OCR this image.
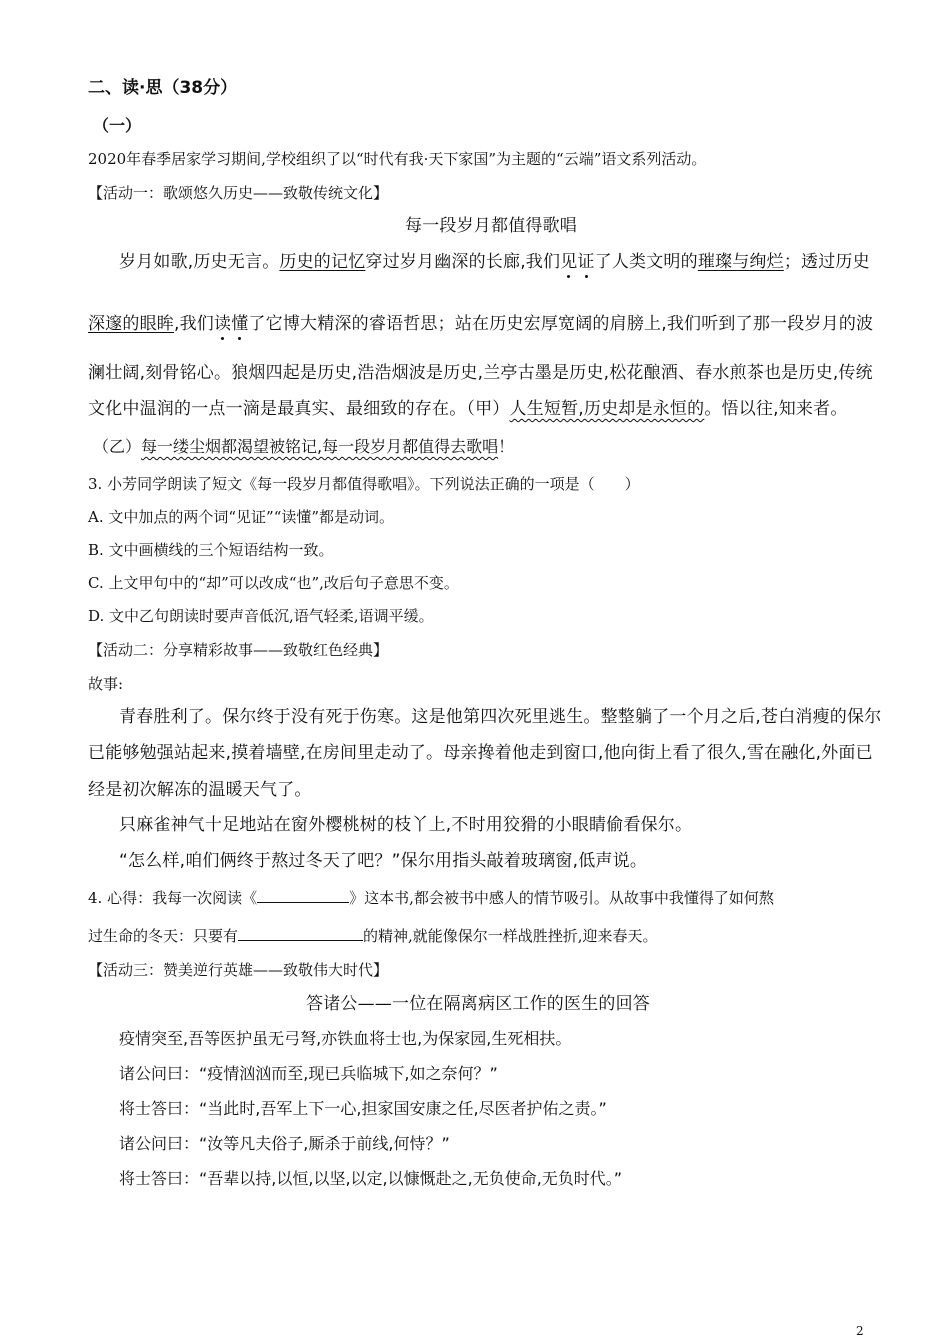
二、读·思（38分）
（一）
2020年春季居家学习期间,学校组织了以“时代有我·天下家国”为主题的“云端”语文系列活动。
【活动一：歌颂悠久历史——致敬传统文化】
每一段岁月都值得歌唱
岁月如歌,历史无言。历史的记忆穿过岁月幽深的长廊,我们见证了人类文明的璀璨与绚烂；透过历史
深邃的眼眸,我们读懂了它博大精深的睿语哲思；站在历史宏厚宽阔的肩膀上,我们听到了那一段岁月的波
澜壮阔,刻骨铭心。狼烟四起是历史,浩浩烟波是历史,兰亭古墨是历史,松花酿酒、春水煎茶也是历史,传统
文化中温润的一点一滴是最真实、最细致的存在。（甲）人生短暂,历史却是永恒的。悟以往,知来者。
（乙）每一缕尘烟都渴望被铭记,每一段岁月都值得去歌唱！
3. 小芳同学朗读了短文《每一段岁月都值得歌唱》。下列说法正确的一项是（　　）
A. 文中加点的两个词“见证”“读懂”都是动词。
B. 文中画横线的三个短语结构一致。
C. 上文甲句中的“却”可以改成“也”,改后句子意思不变。
D. 文中乙句朗读时要声音低沉,语气轻柔,语调平缓。
【活动二：分享精彩故事——致敬红色经典】
故事:
青春胜利了。保尔终于没有死于伤寒。这是他第四次死里逃生。整整躺了一个月之后,苍白消瘦的保尔
已能够勉强站起来,摸着墙壁,在房间里走动了。母亲搀着他走到窗口,他向街上看了很久,雪在融化,外面已
经是初次解冻的温暖天气了。
只麻雀神气十足地站在窗外樱桃树的枝丫上,不时用狡猾的小眼睛偷看保尔。
“怎么样,咱们俩终于熬过冬天了吧？”保尔用指头敲着玻璃窗,低声说。
4. 心得：我每一次阅读《	》这本书,都会被书中感人的情节吸引。从故事中我懂得了如何熬
过生命的冬天：只要有	的精神,就能像保尔一样战胜挫折,迎来春天。
【活动三：赞美逆行英雄——致敬伟大时代】
答诸公——一位在隔离病区工作的医生的回答
疫情突至,吾等医护虽无弓弩,亦铁血将士也,为保家园,生死相扶。
诸公问曰：“疫情汹汹而至,现已兵临城下,如之奈何？”
将士答曰：“当此时,吾军上下一心,担家国安康之任,尽医者护佑之责。”
诸公问曰：“汝等凡夫俗子,厮杀于前线,何恃？”
将士答曰：“吾辈以持,以恒,以坚,以定,以慷慨赴之,无负使命,无负时代。”
2
